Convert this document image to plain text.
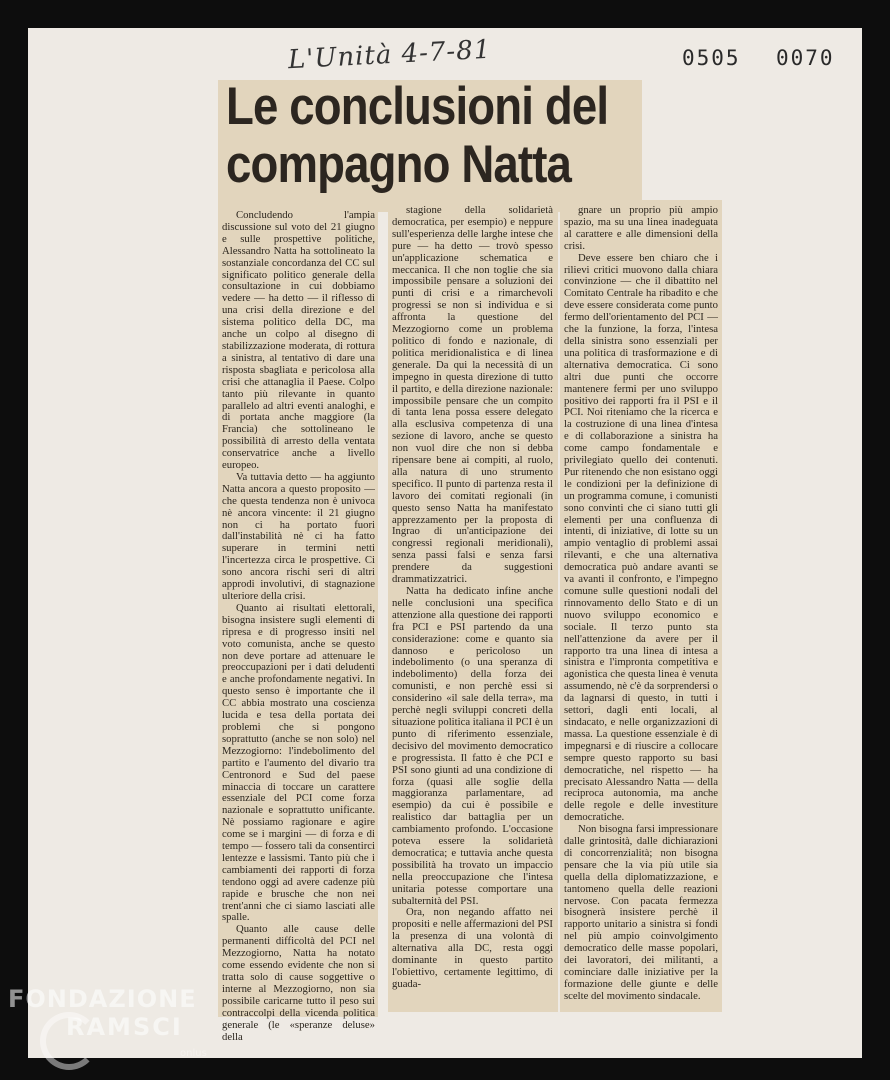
L'Unità 4-7-81	0505 0070
Le conclusioni del compagno Natta

Concludendo l'ampia discussione sul voto del 21 giugno e sulle prospettive politiche, Alessandro Natta ha sottolineato la sostanziale concordanza del CC sul significato politico generale della consultazione in cui dobbiamo vedere — ha detto — il riflesso di una crisi della direzione e del sistema politico della DC, ma anche un colpo al disegno di stabilizzazione moderata, di rottura a sinistra, al tentativo di dare una risposta sbagliata e pericolosa alla crisi che attanaglia il Paese. Colpo tanto più rilevante in quanto parallelo ad altri eventi analoghi, e di portata anche maggiore (la Francia) che sottolineano le possibilità di arresto della ventata conservatrice anche a livello europeo.

Va tuttavia detto — ha aggiunto Natta ancora a questo proposito — che questa tendenza non è univoca nè ancora vincente: il 21 giugno non ci ha portato fuori dall'instabilità nè ci ha fatto superare in termini netti l'incertezza circa le prospettive. Ci sono ancora rischi seri di altri approdi involutivi, di stagnazione ulteriore della crisi.

Quanto ai risultati elettorali, bisogna insistere sugli elementi di ripresa e di progresso insiti nel voto comunista, anche se questo non deve portare ad attenuare le preoccupazioni per i dati deludenti e anche profondamente negativi. In questo senso è importante che il CC abbia mostrato una coscienza lucida e tesa della portata dei problemi che si pongono soprattutto (anche se non solo) nel Mezzogiorno: l'indebolimento del partito e l'aumento del divario tra Centronord e Sud del paese minaccia di toccare un carattere essenziale del PCI come forza nazionale e soprattutto unificante. Nè possiamo ragionare e agire come se i margini — di forza e di tempo — fossero tali da consentirci lentezze e lassismi. Tanto più che i cambiamenti dei rapporti di forza tendono oggi ad avere cadenze più rapide e brusche che non nei trent'anni che ci siamo lasciati alle spalle.

Quanto alle cause delle permanenti difficoltà del PCI nel Mezzogiorno, Natta ha notato come essendo evidente che non si tratta solo di cause soggettive o interne al Mezzogiorno, non sia possibile caricarne tutto il peso sui contraccolpi della vicenda politica generale (le «speranze deluse» della

stagione della solidarietà democratica, per esempio) e neppure sull'esperienza delle larghe intese che pure — ha detto — trovò spesso un'applicazione schematica e meccanica. Il che non toglie che sia impossibile pensare a soluzioni dei punti di crisi e a rimarchevoli progressi se non si individua e si affronta la questione del Mezzogiorno come un problema politico di fondo e nazionale, di politica meridionalistica e di linea generale. Da qui la necessità di un impegno in questa direzione di tutto il partito, e della direzione nazionale: impossibile pensare che un compito di tanta lena possa essere delegato alla esclusiva competenza di una sezione di lavoro, anche se questo non vuol dire che non si debba ripensare bene ai compiti, al ruolo, alla natura di uno strumento specifico. Il punto di partenza resta il lavoro dei comitati regionali (in questo senso Natta ha manifestato apprezzamento per la proposta di Ingrao di un'anticipazione dei congressi regionali meridionali), senza passi falsi e senza farsi prendere da suggestioni drammatizzatrici.

Natta ha dedicato infine anche nelle conclusioni una specifica attenzione alla questione dei rapporti fra PCI e PSI partendo da una considerazione: come e quanto sia dannoso e pericoloso un indebolimento (o una speranza di indebolimento) della forza dei comunisti, e non perchè essi si considerino «il sale della terra», ma perchè negli sviluppi concreti della situazione politica italiana il PCI è un punto di riferimento essenziale, decisivo del movimento democratico e progressista. Il fatto è che PCI e PSI sono giunti ad una condizione di forza (quasi alle soglie della maggioranza parlamentare, ad esempio) da cui è possibile e realistico dar battaglia per un cambiamento profondo. L'occasione poteva essere la solidarietà democratica; e tuttavia anche questa possibilità ha trovato un impaccio nella preoccupazione che l'intesa unitaria potesse comportare una subalternità del PSI.

Ora, non negando affatto nei propositi e nelle affermazioni del PSI la presenza di una volontà di alternativa alla DC, resta oggi dominante in questo partito l'obiettivo, certamente legittimo, di guada-

gnare un proprio più ampio spazio, ma su una linea inadeguata al carattere e alle dimensioni della crisi.

Deve essere ben chiaro che i rilievi critici muovono dalla chiara convinzione — che il dibattito nel Comitato Centrale ha ribadito e che deve essere considerata come punto fermo dell'orientamento del PCI — che la funzione, la forza, l'intesa della sinistra sono essenziali per una politica di trasformazione e di alternativa democratica. Ci sono altri due punti che occorre mantenere fermi per uno sviluppo positivo dei rapporti fra il PSI e il PCI. Noi riteniamo che la ricerca e la costruzione di una linea d'intesa e di collaborazione a sinistra ha come campo fondamentale e privilegiato quello dei contenuti. Pur ritenendo che non esistano oggi le condizioni per la definizione di un programma comune, i comunisti sono convinti che ci siano tutti gli elementi per una confluenza di intenti, di iniziative, di lotte su un ampio ventaglio di problemi assai rilevanti, e che una alternativa democratica può andare avanti se va avanti il confronto, e l'impegno comune sulle questioni nodali del rinnovamento dello Stato e di un nuovo sviluppo economico e sociale. Il terzo punto sta nell'attenzione da avere per il rapporto tra una linea di intesa a sinistra e l'impronta competitiva e agonistica che questa linea è venuta assumendo, nè c'è da sorprendersi o da lagnarsi di questo, in tutti i settori, dagli enti locali, al sindacato, e nelle organizzazioni di massa. La questione essenziale è di impegnarsi e di riuscire a collocare sempre questo rapporto su basi democratiche, nel rispetto — ha precisato Alessandro Natta — della reciproca autonomia, ma anche delle regole e delle investiture democratiche.

Non bisogna farsi impressionare dalle grintosità, dalle dichiarazioni di concorrenzialità; non bisogna pensare che la via più utile sia quella della diplomatizzazione, e tantomeno quella delle reazioni nervose. Con pacata fermezza bisognerà insistere perchè il rapporto unitario a sinistra si fondi nel più ampio coinvolgimento democratico delle masse popolari, dei lavoratori, dei militanti, a cominciare dalle iniziative per la formazione delle giunte e delle scelte del movimento sindacale.

FONDAZIONE
RAMSCI
onlus
